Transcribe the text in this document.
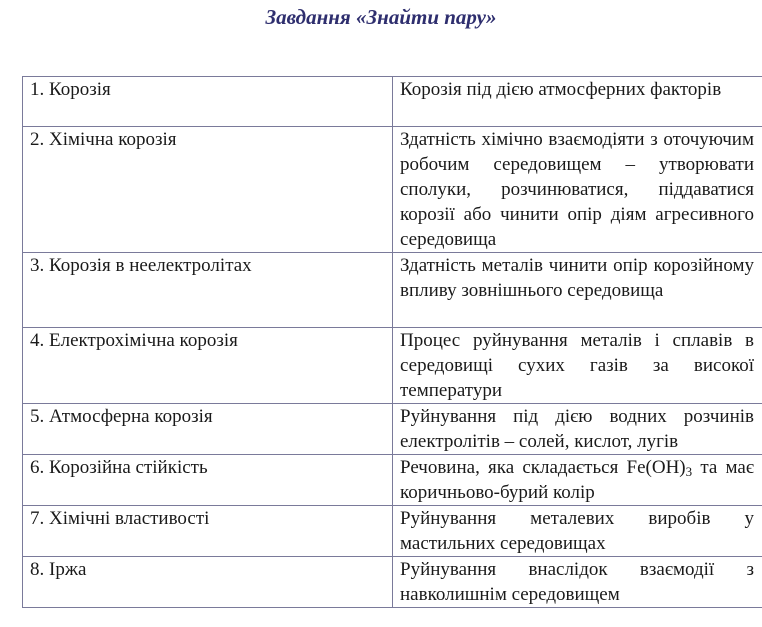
Завдання «Знайти пару»
1. Корозія	Корозія під дією атмосферних факторів
2. Хімічна корозія	Здатність хімічно взаємодіяти з оточуючим робочим середовищем – утворювати сполуки, розчинюватися, піддаватися корозії або чинити опір діям агресивного середовища
3. Корозія в неелектролітах	Здатність металів чинити опір корозійному впливу зовнішнього середовища
4. Електрохімічна корозія	Процес руйнування металів і сплавів в середовищі сухих газів за високої температури
5. Атмосферна корозія	Руйнування під дією водних розчинів електролітів – солей, кислот, лугів
6. Корозійна стійкість	Речовина, яка складається $Fe(OH)_3$ та має коричньово-бурий колір
7. Хімічні властивості	Руйнування металевих виробів у мастильних середовищах
8. Іржа	Руйнування внаслідок взаємодії з навколишнім середовищем
